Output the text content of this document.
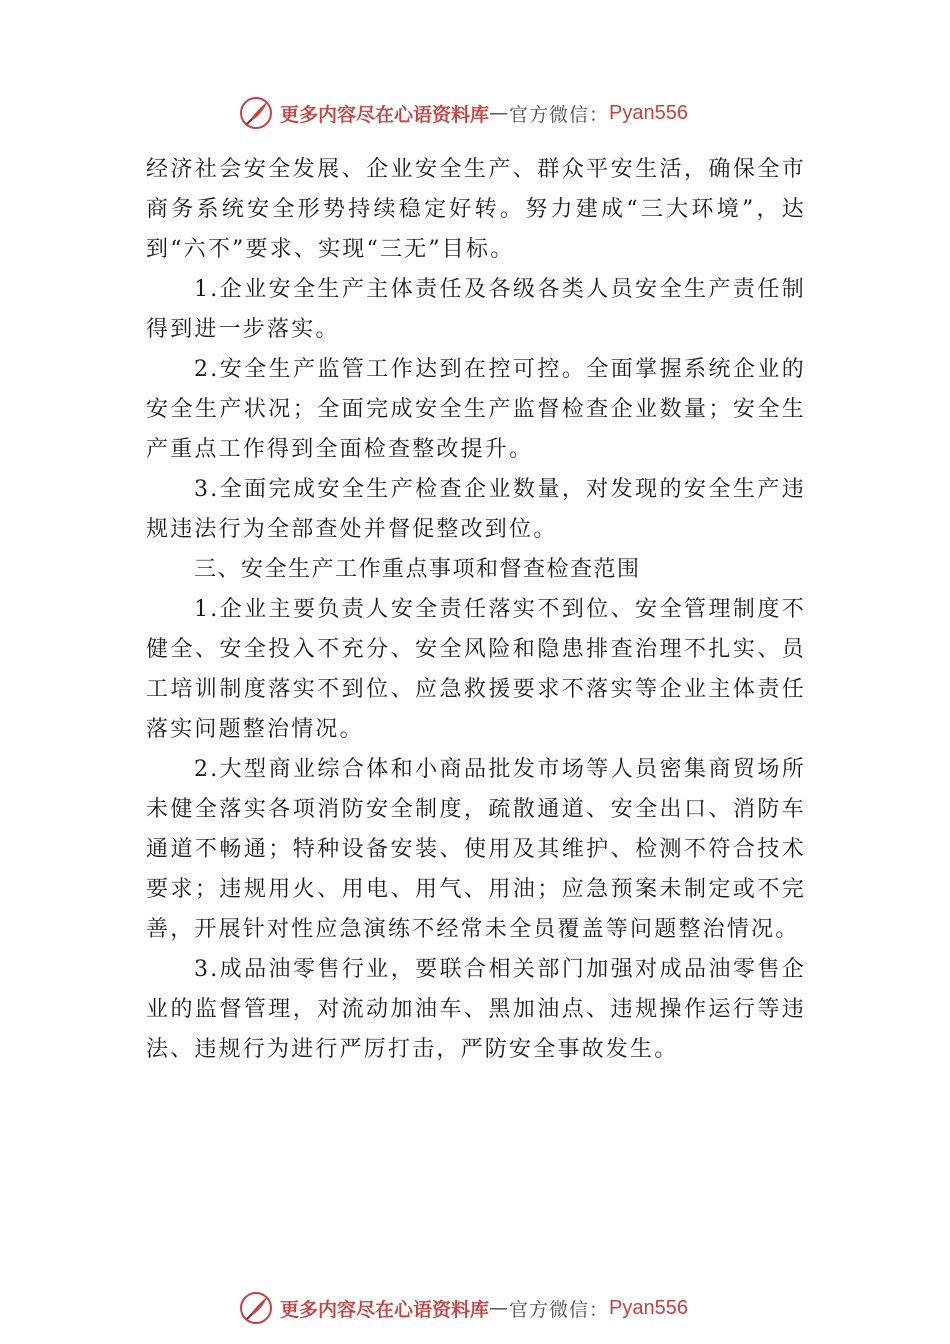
更多内容尽在心语资料库 — 官方微信： Pyan556

经济社会安全发展、企业安全生产、群众平安生活，确保全市商务系统安全形势持续稳定好转。努力建成“三大环境”，达到“六不”要求、实现“三无”目标。

1.企业安全生产主体责任及各级各类人员安全生产责任制得到进一步落实。

2.安全生产监管工作达到在控可控。全面掌握系统企业的安全生产状况；全面完成安全生产监督检查企业数量；安全生产重点工作得到全面检查整改提升。

3.全面完成安全生产检查企业数量，对发现的安全生产违规违法行为全部查处并督促整改到位。

三、安全生产工作重点事项和督查检查范围

1.企业主要负责人安全责任落实不到位、安全管理制度不健全、安全投入不充分、安全风险和隐患排查治理不扎实、员工培训制度落实不到位、应急救援要求不落实等企业主体责任落实问题整治情况。

2.大型商业综合体和小商品批发市场等人员密集商贸场所未健全落实各项消防安全制度，疏散通道、安全出口、消防车通道不畅通；特种设备安装、使用及其维护、检测不符合技术要求；违规用火、用电、用气、用油；应急预案未制定或不完善，开展针对性应急演练不经常未全员覆盖等问题整治情况。

3.成品油零售行业，要联合相关部门加强对成品油零售企业的监督管理，对流动加油车、黑加油点、违规操作运行等违法、违规行为进行严厉打击，严防安全事故发生。

更多内容尽在心语资料库 — 官方微信： Pyan556
